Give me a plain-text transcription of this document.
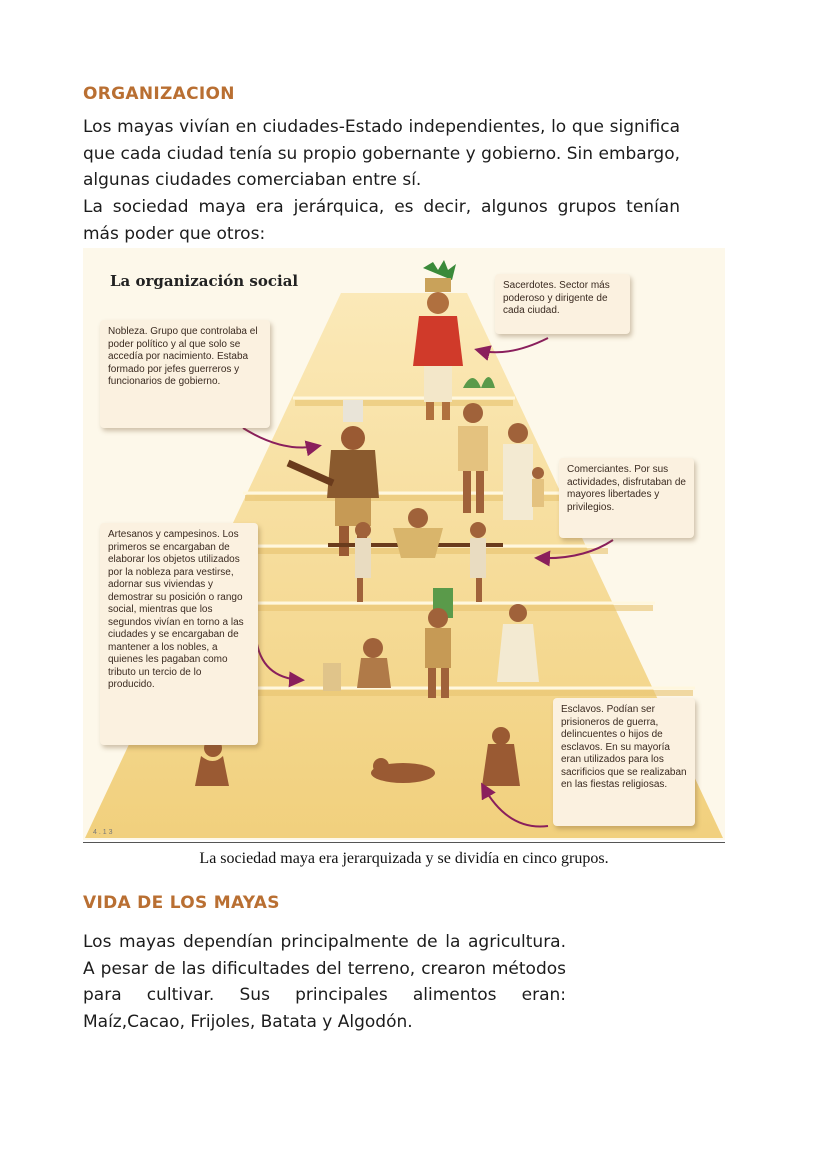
ORGANIZACION

Los mayas vivían en ciudades-Estado independientes, lo que significa que cada ciudad tenía su propio gobernante y gobierno. Sin embargo, algunas ciudades comerciaban entre sí.

La sociedad maya era jerárquica, es decir, algunos grupos tenían más poder que otros:

La organización social	Sacerdotes. Sector más poderoso y dirigente de cada ciudad.
Nobleza. Grupo que controlaba el poder político y al que solo se accedía por nacimiento. Estaba formado por jefes guerreros y funcionarios de gobierno.
Comerciantes. Por sus actividades, disfrutaban de mayores libertades y privilegios.
Artesanos y campesinos. Los primeros se encargaban de elaborar los objetos utilizados por la nobleza para vestirse, adornar sus viviendas y demostrar su posición o rango social, mientras que los segundos vivían en torno a las ciudades y se encargaban de mantener a los nobles, a quienes les pagaban como tributo un tercio de lo producido.
Esclavos. Podían ser prisioneros de guerra, delincuentes o hijos de esclavos. En su mayoría eran utilizados para los sacrificios que se realizaban en las fiestas religiosas.
4 . 1 3

La sociedad maya era jerarquizada y se dividía en cinco grupos.

VIDA DE LOS MAYAS

Los mayas dependían principalmente de la agricultura. A pesar de las dificultades del terreno, crearon métodos para cultivar. Sus principales alimentos eran: Maíz,Cacao, Frijoles, Batata y Algodón.
